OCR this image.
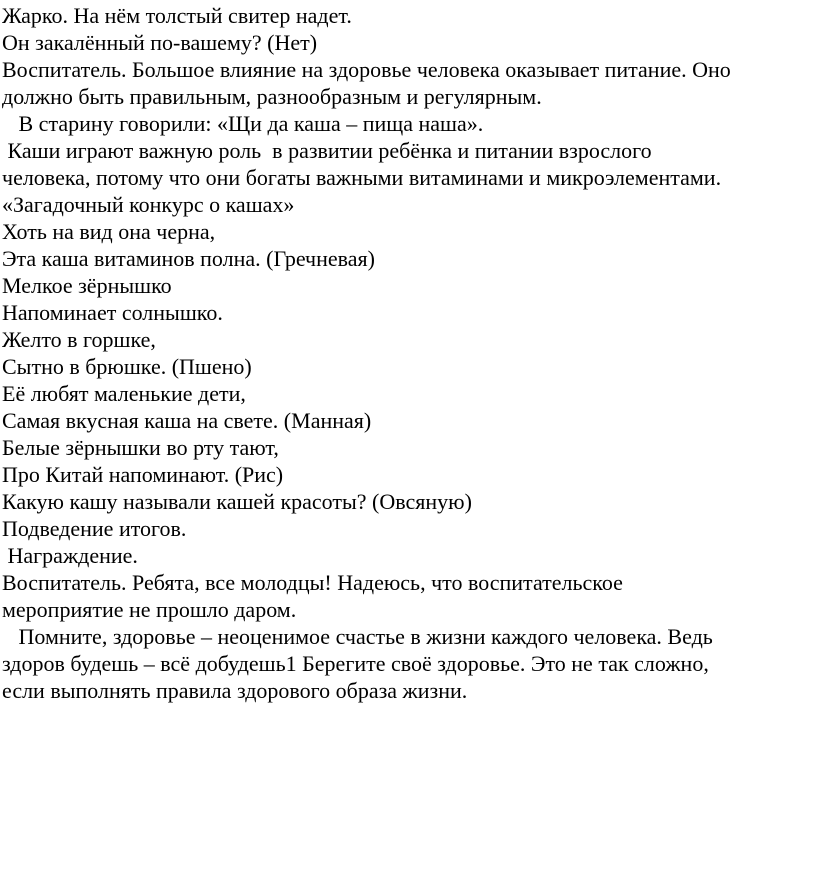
Жарко. На нём толстый свитер надет.
Он закалённый по-вашему? (Нет)
Воспитатель. Большое влияние на здоровье человека оказывает питание. Оно
должно быть правильным, разнообразным и регулярным.
В старину говорили: «Щи да каша – пища наша».
Каши играют важную роль  в развитии ребёнка и питании взрослого
человека, потому что они богаты важными витаминами и микроэлементами.
«Загадочный конкурс о кашах»
Хоть на вид она черна,
Эта каша витаминов полна. (Гречневая)
Мелкое зёрнышко
Напоминает солнышко.
Желто в горшке,
Сытно в брюшке. (Пшено)
Её любят маленькие дети,
Самая вкусная каша на свете. (Манная)
Белые зёрнышки во рту тают,
Про Китай напоминают. (Рис)
Какую кашу называли кашей красоты? (Овсяную)
Подведение итогов.
Награждение.
Воспитатель. Ребята, все молодцы! Надеюсь, что воспитательское
мероприятие не прошло даром.
Помните, здоровье – неоценимое счастье в жизни каждого человека. Ведь
здоров будешь – всё добудешь1 Берегите своё здоровье. Это не так сложно,
если выполнять правила здорового образа жизни.
